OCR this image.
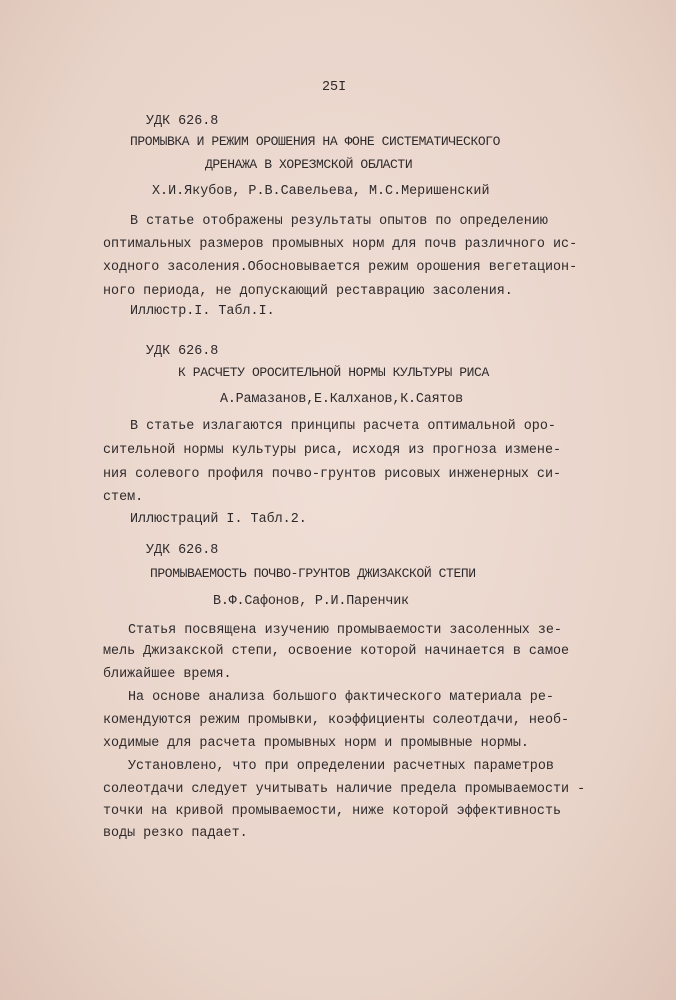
25I
УДК 626.8
ПРОМЫВКА И РЕЖИМ ОРОШЕНИЯ НА ФОНЕ СИСТЕМАТИЧЕСКОГО
ДРЕНАЖА В ХОРЕЗМСКОЙ ОБЛАСТИ
Х.И.Якубов, Р.В.Савельева, М.С.Меришенский
В статье отображены результаты опытов по определению
оптимальных размеров промывных норм для почв различного ис-
ходного засоления.Обосновывается режим орошения вегетацион-
ного периода, не допускающий реставрацию засоления.
Иллюстр.I. Табл.I.
УДК 626.8
К РАСЧЕТУ ОРОСИТЕЛЬНОЙ НОРМЫ КУЛЬТУРЫ РИСА
А.Рамазанов,Е.Калханов,К.Саятов
В статье излагаются принципы расчета оптимальной оро-
сительной нормы культуры риса, исходя из прогноза измене-
ния солевого профиля почво-грунтов рисовых инженерных си-
стем.
Иллюстраций I. Табл.2.
УДК 626.8
ПРОМЫВАЕМОСТЬ ПОЧВО-ГРУНТОВ ДЖИЗАКСКОЙ СТЕПИ
В.Ф.Сафонов, Р.И.Паренчик
Статья посвящена изучению промываемости засоленных зе-
мель Джизакской степи, освоение которой начинается в самое
ближайшее время.
На основе анализа большого фактического материала ре-
комендуются режим промывки, коэффициенты солеотдачи, необ-
ходимые для расчета промывных норм и промывные нормы.
Установлено, что при определении расчетных параметров
солеотдачи следует учитывать наличие предела промываемости -
точки на кривой промываемости, ниже которой эффективность
воды резко падает.
